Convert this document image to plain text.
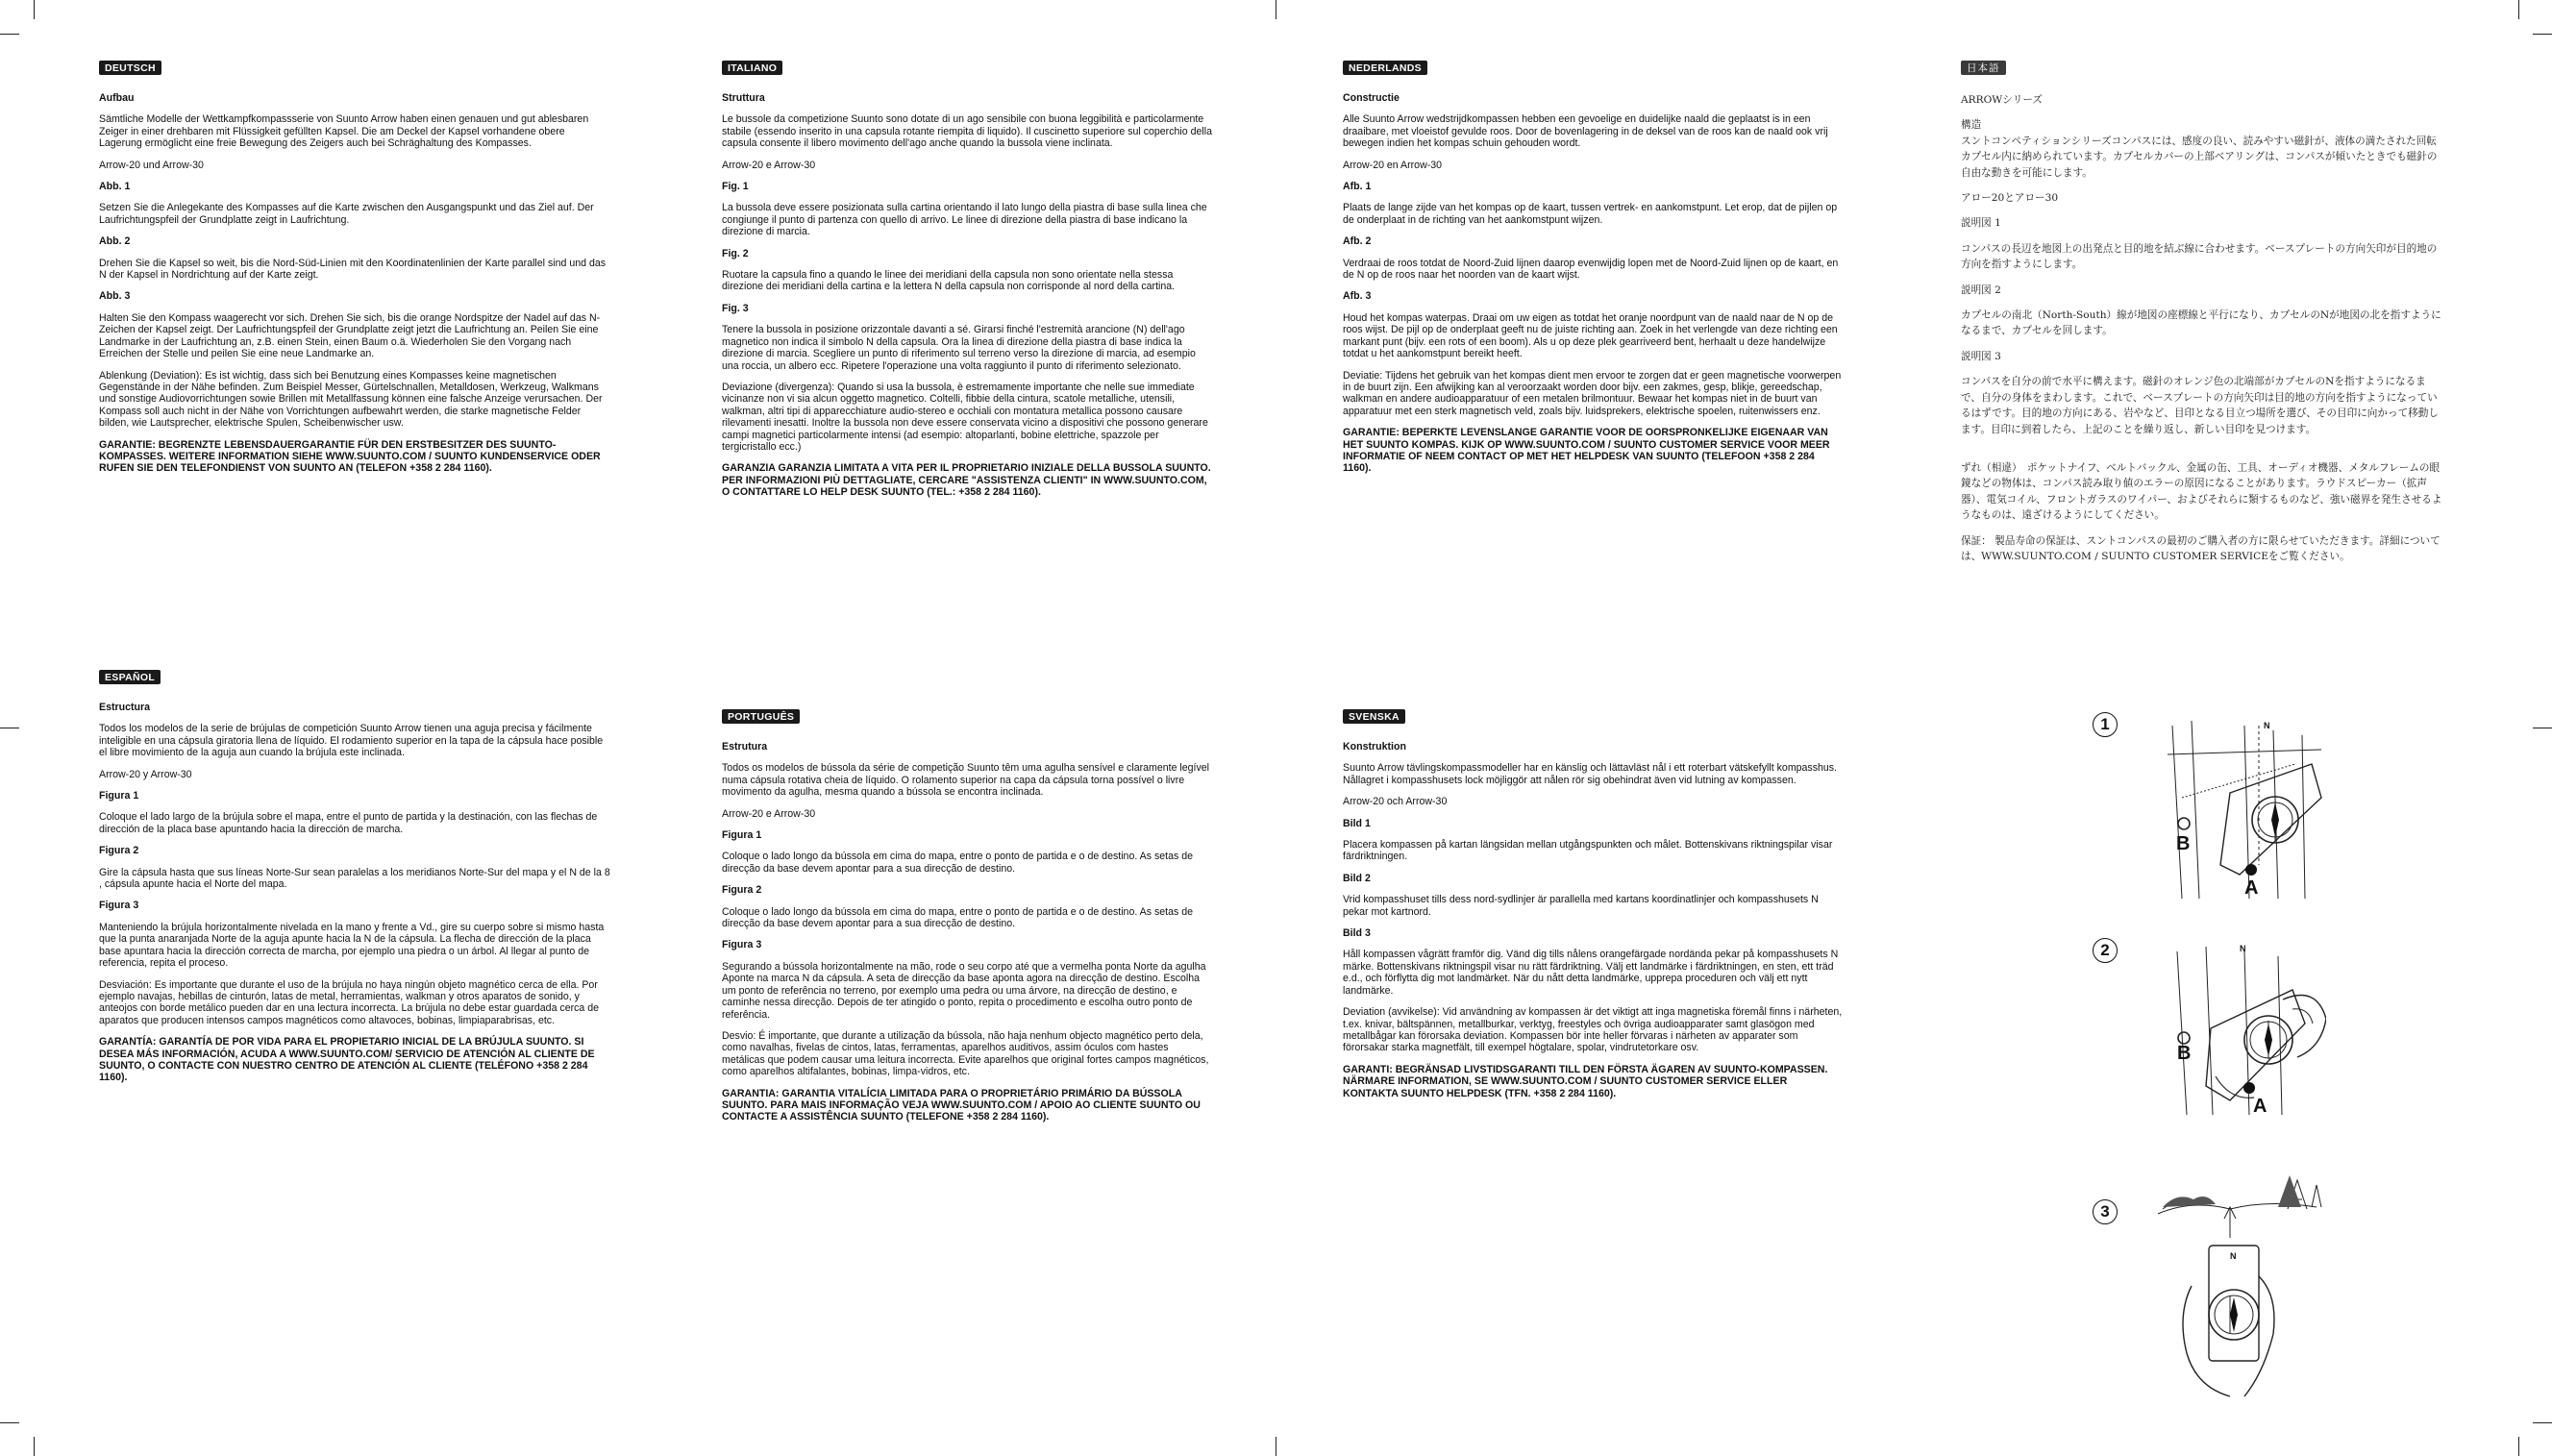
DEUTSCH
Aufbau
Sämtliche Modelle der Wettkampfkompassserie von Suunto Arrow haben einen genauen und gut ablesbaren Zeiger in einer drehbaren mit Flüssigkeit gefüllten Kapsel. Die am Deckel der Kapsel vorhandene obere Lagerung ermöglicht eine freie Bewegung des Zeigers auch bei Schräghaltung des Kompasses.
Arrow-20 und Arrow-30
Abb. 1
Setzen Sie die Anlegekante des Kompasses auf die Karte zwischen den Ausgangspunkt und das Ziel auf. Der Laufrichtungspfeil der Grundplatte zeigt in Laufrichtung.
Abb. 2
Drehen Sie die Kapsel so weit, bis die Nord-Süd-Linien mit den Koordinatenlinien der Karte parallel sind und das N der Kapsel in Nordrichtung auf der Karte zeigt.
Abb. 3
Halten Sie den Kompass waagerecht vor sich. Drehen Sie sich, bis die orange Nordspitze der Nadel auf das N-Zeichen der Kapsel zeigt. Der Laufrichtungspfeil der Grundplatte zeigt jetzt die Laufrichtung an. Peilen Sie eine Landmarke in der Laufrichtung an, z.B. einen Stein, einen Baum o.ä. Wiederholen Sie den Vorgang nach Erreichen der Stelle und peilen Sie eine neue Landmarke an.
Ablenkung (Deviation): Es ist wichtig, dass sich bei Benutzung eines Kompasses keine magnetischen Gegenstände in der Nähe befinden. Zum Beispiel Messer, Gürtelschnallen, Metalldosen, Werkzeug, Walkmans und sonstige Audiovorrichtungen sowie Brillen mit Metallfassung können eine falsche Anzeige verursachen. Der Kompass soll auch nicht in der Nähe von Vorrichtungen aufbewahrt werden, die starke magnetische Felder bilden, wie Lautsprecher, elektrische Spulen, Scheibenwischer usw.
GARANTIE: BEGRENZTE LEBENSDAUERGARANTIE FÜR DEN ERSTBESITZER DES SUUNTO-KOMPASSES. WEITERE INFORMATION SIEHE WWW.SUUNTO.COM / SUUNTO KUNDENSERVICE ODER RUFEN SIE DEN TELEFONDIENST VON SUUNTO AN (TELEFON +358 2 284 1160).
ITALIANO
Struttura
Le bussole da competizione Suunto sono dotate di un ago sensibile con buona leggibilità e particolarmente stabile (essendo inserito in una capsula rotante riempita di liquido). Il cuscinetto superiore sul coperchio della capsula consente il libero movimento dell'ago anche quando la bussola viene inclinata.
Arrow-20 e Arrow-30
Fig. 1
La bussola deve essere posizionata sulla cartina orientando il lato lungo della piastra di base sulla linea che congiunge il punto di partenza con quello di arrivo. Le linee di direzione della piastra di base indicano la direzione di marcia.
Fig. 2
Ruotare la capsula fino a quando le linee dei meridiani della capsula non sono orientate nella stessa direzione dei meridiani della cartina e la lettera N della capsula non corrisponde al nord della cartina.
Fig. 3
Tenere la bussola in posizione orizzontale davanti a sé. Girarsi finché l'estremità arancione (N) dell'ago magnetico non indica il simbolo N della capsula. Ora la linea di direzione della piastra di base indica la direzione di marcia. Scegliere un punto di riferimento sul terreno verso la direzione di marcia, ad esempio una roccia, un albero ecc. Ripetere l'operazione una volta raggiunto il punto di riferimento selezionato.
Deviazione (divergenza): Quando si usa la bussola, è estremamente importante che nelle sue immediate vicinanze non vi sia alcun oggetto magnetico. Coltelli, fibbie della cintura, scatole metalliche, utensili, walkman, altri tipi di apparecchiature audio-stereo e occhiali con montatura metallica possono causare rilevamenti inesatti. Inoltre la bussola non deve essere conservata vicino a dispositivi che possono generare campi magnetici particolarmente intensi (ad esempio: altoparlanti, bobine elettriche, spazzole per tergicristallo ecc.)
GARANZIA GARANZIA LIMITATA A VITA PER IL PROPRIETARIO INIZIALE DELLA BUSSOLA SUUNTO. PER INFORMAZIONI PIÙ DETTAGLIATE, CERCARE "ASSISTENZA CLIENTI" IN WWW.SUUNTO.COM, O CONTATTARE LO HELP DESK SUUNTO (TEL.: +358 2 284 1160).
NEDERLANDS
Constructie
Alle Suunto Arrow wedstrijdkompassen hebben een gevoelige en duidelijke naald die geplaatst is in een draaibare, met vloeistof gevulde roos. Door de bovenlagering in de deksel van de roos kan de naald ook vrij bewegen indien het kompas schuin gehouden wordt.
Arrow-20 en Arrow-30
Afb. 1
Plaats de lange zijde van het kompas op de kaart, tussen vertrek- en aankomstpunt. Let erop, dat de pijlen op de onderplaat in de richting van het aankomstpunt wijzen.
Afb. 2
Verdraai de roos totdat de Noord-Zuid lijnen daarop evenwijdig lopen met de Noord-Zuid lijnen op de kaart, en de N op de roos naar het noorden van de kaart wijst.
Afb. 3
Houd het kompas waterpas. Draai om uw eigen as totdat het oranje noordpunt van de naald naar de N op de roos wijst. De pijl op de onderplaat geeft nu de juiste richting aan. Zoek in het verlengde van deze richting een markant punt (bijv. een rots of een boom). Als u op deze plek gearriveerd bent, herhaalt u deze handelwijze totdat u het aankomstpunt bereikt heeft.
Deviatie: Tijdens het gebruik van het kompas dient men ervoor te zorgen dat er geen magnetische voorwerpen in de buurt zijn. Een afwijking kan al veroorzaakt worden door bijv. een zakmes, gesp, blikje, gereedschap, walkman en andere audioapparatuur of een metalen brilmontuur. Bewaar het kompas niet in de buurt van apparatuur met een sterk magnetisch veld, zoals bijv. luidsprekers, elektrische spoelen, ruitenwissers enz.
GARANTIE: BEPERKTE LEVENSLANGE GARANTIE VOOR DE OORSPRONKELIJKE EIGENAAR VAN HET SUUNTO KOMPAS. KIJK OP WWW.SUUNTO.COM / SUUNTO CUSTOMER SERVICE VOOR MEER INFORMATIE OF NEEM CONTACT OP MET HET HELPDESK VAN SUUNTO (TELEFOON +358 2 284 1160).
日本語
ARROWシリーズ
構造
スントコンペティションシリーズコンパスには、感度の良い、読みやすい磁針が、液体の満たされた回転カプセル内に納められています。カプセルカバーの上部ベアリングは、コンパスが傾いたときでも磁針の自由な動きを可能にします。
アロー20とアロー30
説明図 1
コンパスの長辺を地図上の出発点と目的地を結ぶ線に合わせます。ベースプレートの方向矢印が目的地の方向を指すようにします。
説明図 2
カプセルの南北（North-South）線が地図の座標線と平行になり、カプセルのNが地図の北を指すようになるまで、カプセルを回します。
説明図 3
コンパスを自分の前で水平に構えます。磁針のオレンジ色の北端部がカプセルのNを指すようになるまで、自分の身体をまわします。これで、ベースプレートの方向矢印は目的地の方向を指すようになっているはずです。目的地の方向にある、岩やなど、目印となる目立つ場所を選び、その目印に向かって移動します。目印に到着したら、上記のことを繰り返し、新しい目印を見つけます。
ずれ（相違）　ポケットナイフ、ベルトバックル、金属の缶、工具、オーディオ機器、メタルフレームの眼鏡などの物体は、コンパス読み取り値のエラーの原因になることがあります。ラウドスピーカー（拡声器）、電気コイル、フロントガラスのワイパー、およびそれらに類するものなど、強い磁界を発生させるようなものは、遠ざけるようにしてください。
保証： 製品寿命の保証は、スントコンパスの最初のご購入者の方に限らせていただきます。詳細については、WWW.SUUNTO.COM / SUUNTO CUSTOMER SERVICEをご覧ください。
ESPAÑOL
Estructura
Todos los modelos de la serie de brújulas de competición Suunto Arrow tienen una aguja precisa y fácilmente inteligible en una cápsula giratoria llena de líquido. El rodamiento superior en la tapa de la cápsula hace posible el libre movimiento de la aguja aun cuando la brújula este inclinada.
Arrow-20 y Arrow-30
Figura 1
Coloque el lado largo de la brújula sobre el mapa, entre el punto de partida y la destinación, con las flechas de dirección de la placa base apuntando hacia la dirección de marcha.
Figura 2
Gire la cápsula hasta que sus líneas Norte-Sur sean paralelas a los meridianos Norte-Sur del mapa y el N de la 8 , cápsula apunte hacia el Norte del mapa.
Figura 3
Manteniendo la brújula horizontalmente nivelada en la mano y frente a Vd., gire su cuerpo sobre si mismo hasta que la punta anaranjada Norte de la aguja apunte hacia la N de la cápsula. La flecha de dirección de la placa base apuntara hacia la dirección correcta de marcha, por ejemplo una piedra o un árbol. Al llegar al punto de referencia, repita el proceso.
Desviación: Es importante que durante el uso de la brújula no haya ningún objeto magnético cerca de ella. Por ejemplo navajas, hebillas de cinturón, latas de metal, herramientas, walkman y otros aparatos de sonido, y anteojos con borde metálico pueden dar en una lectura incorrecta. La brújula no debe estar guardada cerca de aparatos que producen intensos campos magnéticos como altavoces, bobinas, limpiaparabrisas, etc.
GARANTÍA: GARANTÍA DE POR VIDA PARA EL PROPIETARIO INICIAL DE LA BRÚJULA SUUNTO. SI DESEA MÁS INFORMACIÓN, ACUDA A WWW.SUUNTO.COM/ SERVICIO DE ATENCIÓN AL CLIENTE DE SUUNTO, O CONTACTE CON NUESTRO CENTRO DE ATENCIÓN AL CLIENTE (TELÉFONO +358 2 284 1160).
PORTUGUÊS
Estrutura
Todos os modelos de bússola da série de competição Suunto têm uma agulha sensível e claramente legível numa cápsula rotativa cheia de líquido. O rolamento superior na capa da cápsula torna possível o livre movimento da agulha, mesma quando a bússola se encontra inclinada.
Arrow-20 e Arrow-30
Figura 1
Coloque o lado longo da bússola em cima do mapa, entre o ponto de partida e o de destino. As setas de direcção da base devem apontar para a sua direcção de destino.
Figura 2
Coloque o lado longo da bússola em cima do mapa, entre o ponto de partida e o de destino. As setas de direcção da base devem apontar para a sua direcção de destino.
Figura 3
Segurando a bússola horizontalmente na mão, rode o seu corpo até que a vermelha ponta Norte da agulha Aponte na marca N da cápsula. A seta de direcção da base aponta agora na direcção de destino. Escolha um ponto de referência no terreno, por exemplo uma pedra ou uma árvore, na direcção de destino, e caminhe nessa direcção. Depois de ter atingido o ponto, repita o procedimento e escolha outro ponto de referência.
Desvio: É importante, que durante a utilização da bússola, não haja nenhum objecto magnético perto dela, como navalhas, fivelas de cintos, latas, ferramentas, aparelhos auditivos, assim óculos com hastes metálicas que podem causar uma leitura incorrecta. Evite aparelhos que original fortes campos magnéticos, como aparelhos altifalantes, bobinas, limpa-vidros, etc.
GARANTIA: GARANTIA VITALÍCIA LIMITADA PARA O PROPRIETÁRIO PRIMÁRIO DA BÚSSOLA SUUNTO. PARA MAIS INFORMAÇÃO VEJA WWW.SUUNTO.COM / APOIO AO CLIENTE SUUNTO OU CONTACTE A ASSISTÊNCIA SUUNTO (TELEFONE +358 2 284 1160).
SVENSKA
Konstruktion
Suunto Arrow tävlingskompassmodeller har en känslig och lättavläst nål i ett roterbart vätskefyllt kompasshus. Nållagret i kompasshusets lock möjliggör att nålen rör sig obehindrat även vid lutning av kompassen.
Arrow-20 och Arrow-30
Bild 1
Placera kompassen på kartan längsidan mellan utgångspunkten och målet. Bottenskivans riktningspilar visar färdriktningen.
Bild 2
Vrid kompasshuset tills dess nord-sydlinjer är parallella med kartans koordinatlinjer och kompasshusets N pekar mot kartnord.
Bild 3
Håll kompassen vågrätt framför dig. Vänd dig tills nålens orangefärgade nordända pekar på kompasshusets N märke. Bottenskivans riktningspil visar nu rätt färdriktning. Välj ett landmärke i färdriktningen, en sten, ett träd e.d., och förflytta dig mot landmärket. När du nått detta landmärke, upprepa proceduren och välj ett nytt landmärke.
Deviation (avvikelse): Vid användning av kompassen är det viktigt att inga magnetiska föremål finns i närheten, t.ex. knivar, bältspännen, metallburkar, verktyg, freestyles och övriga audioapparater samt glasögon med metallbågar kan förorsaka deviation. Kompassen bör inte heller förvaras i närheten av apparater som förorsakar starka magnetfält, till exempel högtalare, spolar, vindrutetorkare osv.
GARANTI: BEGRÄNSAD LIVSTIDSGARANTI TILL DEN FÖRSTA ÄGAREN AV SUUNTO-KOMPASSEN. NÄRMARE INFORMATION, SE WWW.SUUNTO.COM / SUUNTO CUSTOMER SERVICE ELLER KONTAKTA SUUNTO HELPDESK (TFN. +358 2 284 1160).
1
B
A
N
2
B
A
N
3
N
